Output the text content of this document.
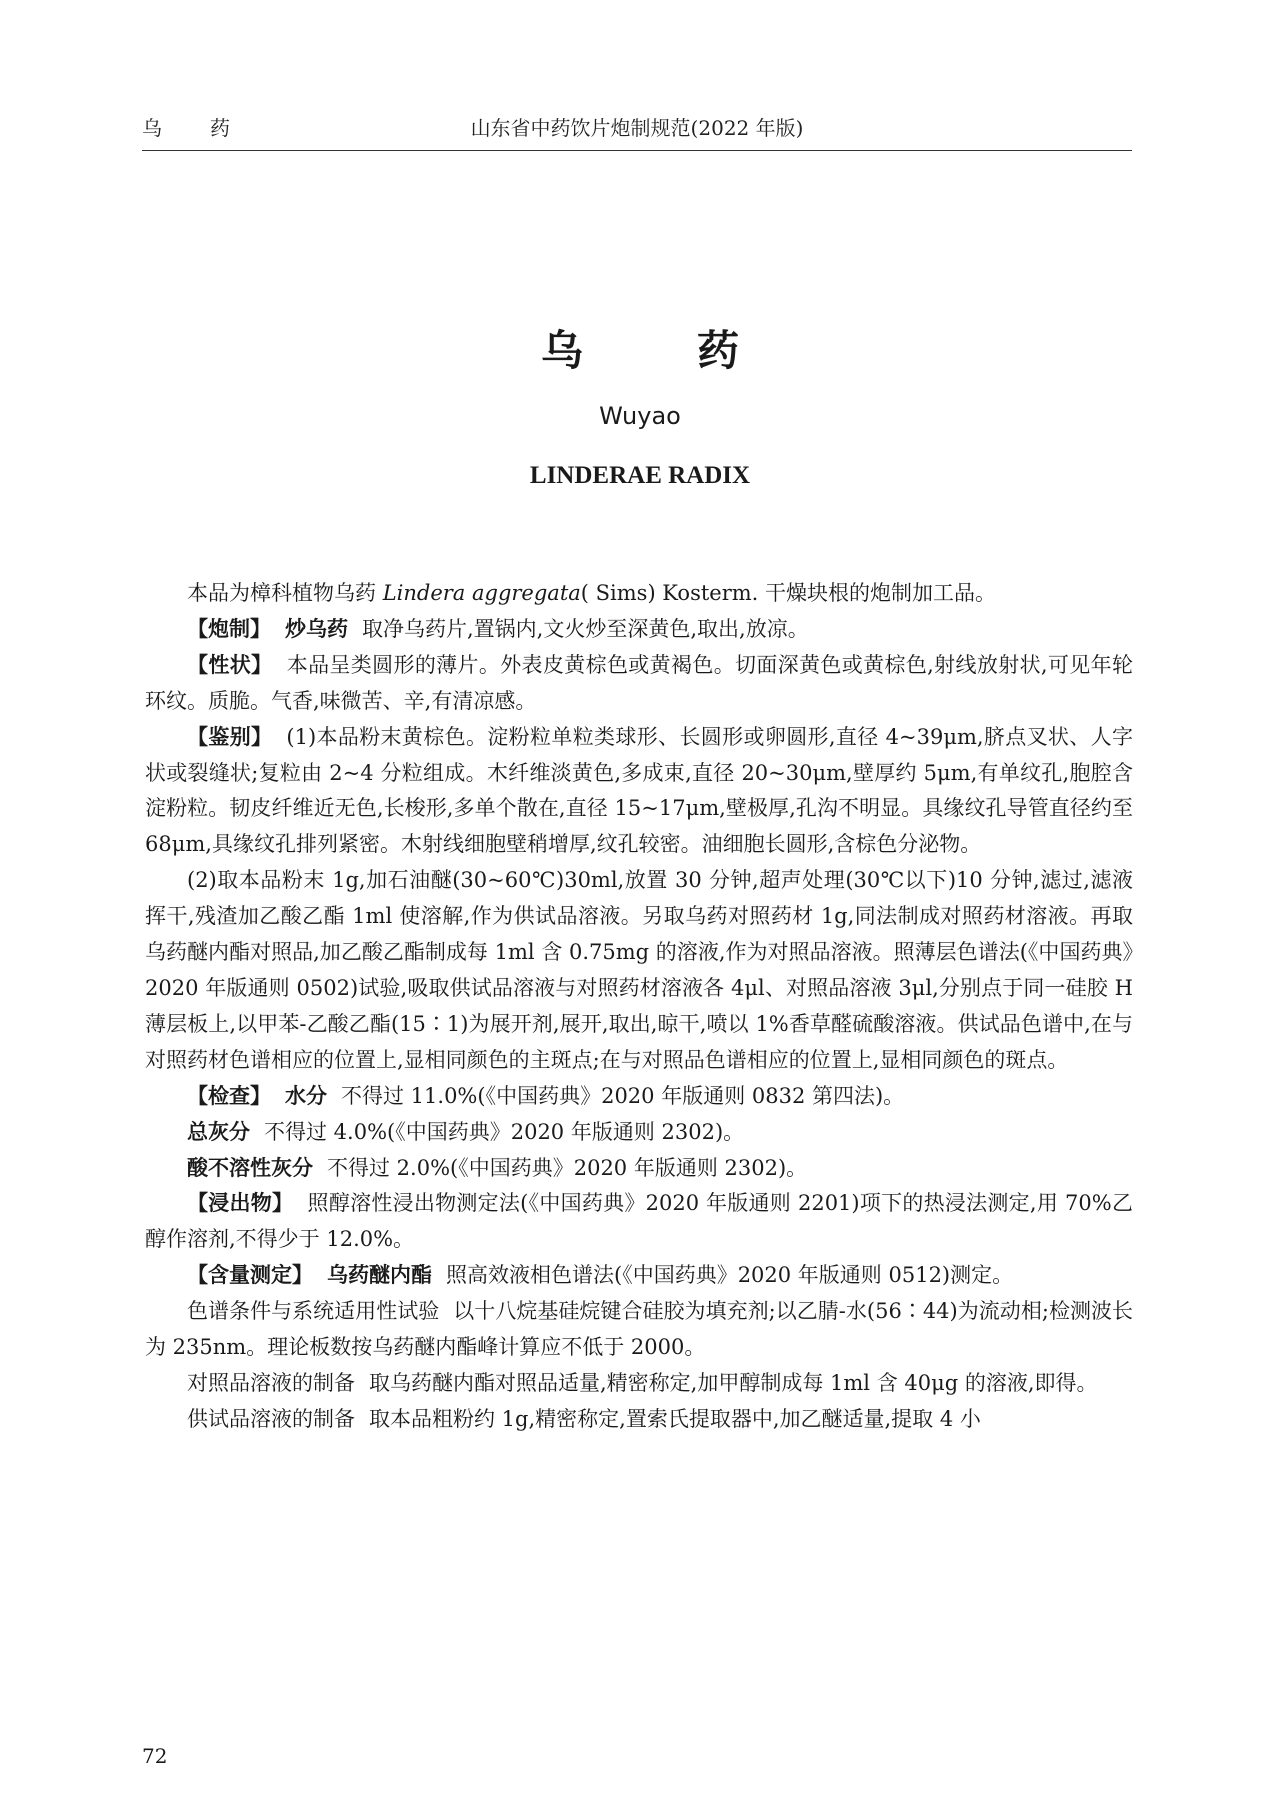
乌　药	山东省中药饮片炮制规范(2022 年版)
乌　药
Wuyao
LINDERAE RADIX

本品为樟科植物乌药 Lindera aggregata( Sims) Kosterm. 干燥块根的炮制加工品。

【炮制】 炒乌药 取净乌药片,置锅内,文火炒至深黄色,取出,放凉。

【性状】 本品呈类圆形的薄片。外表皮黄棕色或黄褐色。切面深黄色或黄棕色,射线放射状,可见年轮环纹。质脆。气香,味微苦、辛,有清凉感。

【鉴别】 (1)本品粉末黄棕色。淀粉粒单粒类球形、长圆形或卵圆形,直径 4~39μm,脐点叉状、人字状或裂缝状;复粒由 2~4 分粒组成。木纤维淡黄色,多成束,直径 20~30μm,壁厚约 5μm,有单纹孔,胞腔含淀粉粒。韧皮纤维近无色,长梭形,多单个散在,直径 15~17μm,壁极厚,孔沟不明显。具缘纹孔导管直径约至 68μm,具缘纹孔排列紧密。木射线细胞壁稍增厚,纹孔较密。油细胞长圆形,含棕色分泌物。

(2)取本品粉末 1g,加石油醚(30~60℃)30ml,放置 30 分钟,超声处理(30℃以下)10 分钟,滤过,滤液挥干,残渣加乙酸乙酯 1ml 使溶解,作为供试品溶液。另取乌药对照药材 1g,同法制成对照药材溶液。再取乌药醚内酯对照品,加乙酸乙酯制成每 1ml 含 0.75mg 的溶液,作为对照品溶液。照薄层色谱法(《中国药典》2020 年版通则 0502)试验,吸取供试品溶液与对照药材溶液各 4μl、对照品溶液 3μl,分别点于同一硅胶 H 薄层板上,以甲苯-乙酸乙酯(15∶1)为展开剂,展开,取出,晾干,喷以 1%香草醛硫酸溶液。供试品色谱中,在与对照药材色谱相应的位置上,显相同颜色的主斑点;在与对照品色谱相应的位置上,显相同颜色的斑点。

【检查】 水分 不得过 11.0%(《中国药典》2020 年版通则 0832 第四法)。

总灰分 不得过 4.0%(《中国药典》2020 年版通则 2302)。

酸不溶性灰分 不得过 2.0%(《中国药典》2020 年版通则 2302)。

【浸出物】 照醇溶性浸出物测定法(《中国药典》2020 年版通则 2201)项下的热浸法测定,用 70%乙醇作溶剂,不得少于 12.0%。

【含量测定】 乌药醚内酯 照高效液相色谱法(《中国药典》2020 年版通则 0512)测定。

色谱条件与系统适用性试验 以十八烷基硅烷键合硅胶为填充剂;以乙腈-水(56∶44)为流动相;检测波长为 235nm。理论板数按乌药醚内酯峰计算应不低于 2000。

对照品溶液的制备 取乌药醚内酯对照品适量,精密称定,加甲醇制成每 1ml 含 40μg 的溶液,即得。

供试品溶液的制备 取本品粗粉约 1g,精密称定,置索氏提取器中,加乙醚适量,提取 4 小

72
